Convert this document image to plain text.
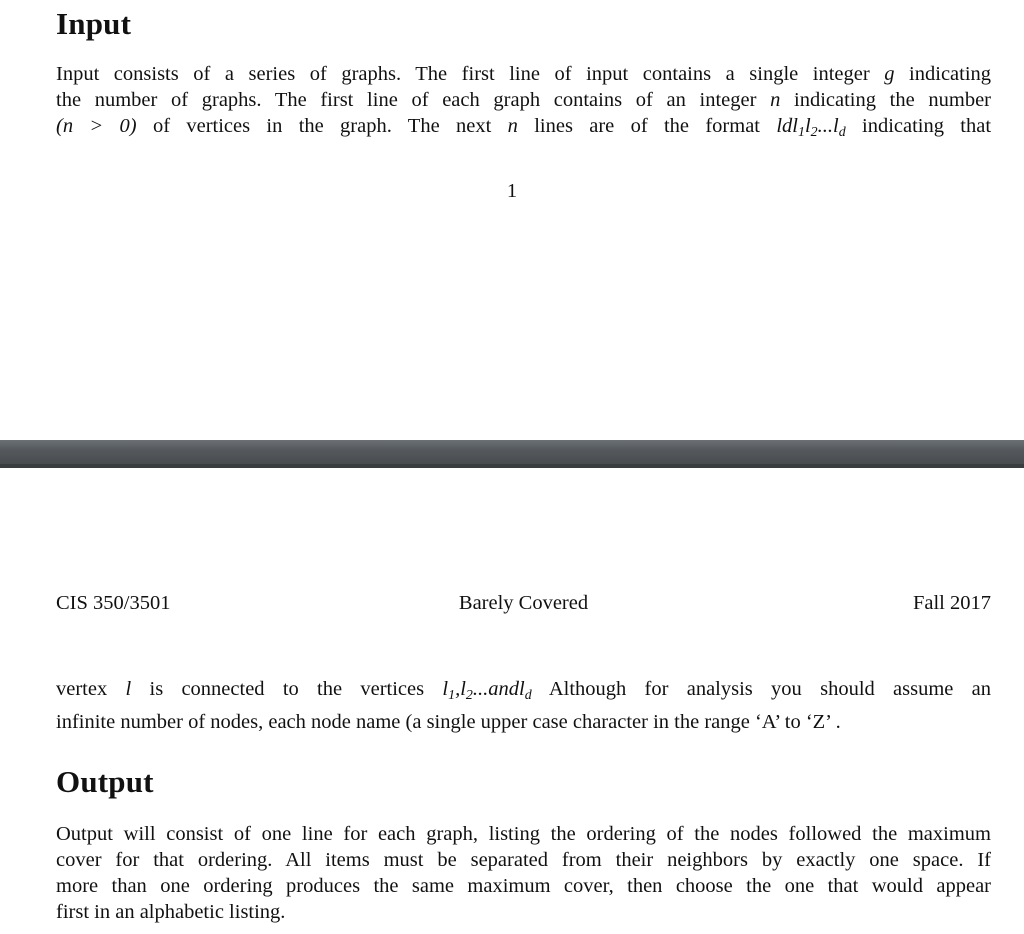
Input

Input consists of a series of graphs. The first line of input contains a single integer g indicating
the number of graphs. The first line of each graph contains of an integer n indicating the number
(n > 0) of vertices in the graph. The next n lines are of the format $ldl_1l_2...l_d$ indicating that

1
CIS 350/3501	Barely Covered	Fall 2017

vertex l is connected to the vertices $l_1,l_2...andl_d$ Although for analysis you should assume an
infinite number of nodes, each node name (a single upper case character in the range ‘A’ to ‘Z’ .

Output

Output will consist of one line for each graph, listing the ordering of the nodes followed the maximum
cover for that ordering. All items must be separated from their neighbors by exactly one space. If
more than one ordering produces the same maximum cover, then choose the one that would appear
first in an alphabetic listing.
